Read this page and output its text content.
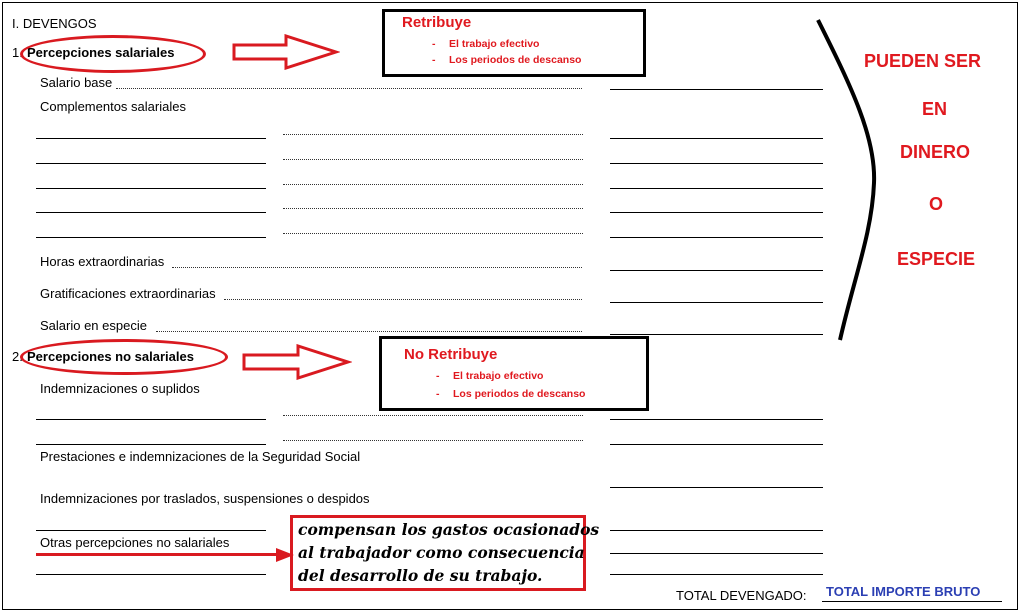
I. DEVENGOS
1. Percepciones salariales
Retribuye
- El trabajo efectivo
- Los periodos de descanso
Salario base
Complementos salariales
Horas extraordinarias
Gratificaciones extraordinarias
Salario en especie
2. Percepciones no salariales	No Retribuye
- El trabajo efectivo
- Los periodos de descanso
Indemnizaciones o suplidos
Prestaciones e indemnizaciones de la Seguridad Social
Indemnizaciones por traslados, suspensiones o despidos
Otras percepciones no salariales
compensan los gastos ocasionados
al trabajador como consecuencia
del desarrollo de su trabajo.
PUEDEN SER
EN
DINERO
O
ESPECIE
TOTAL DEVENGADO: TOTAL IMPORTE BRUTO
